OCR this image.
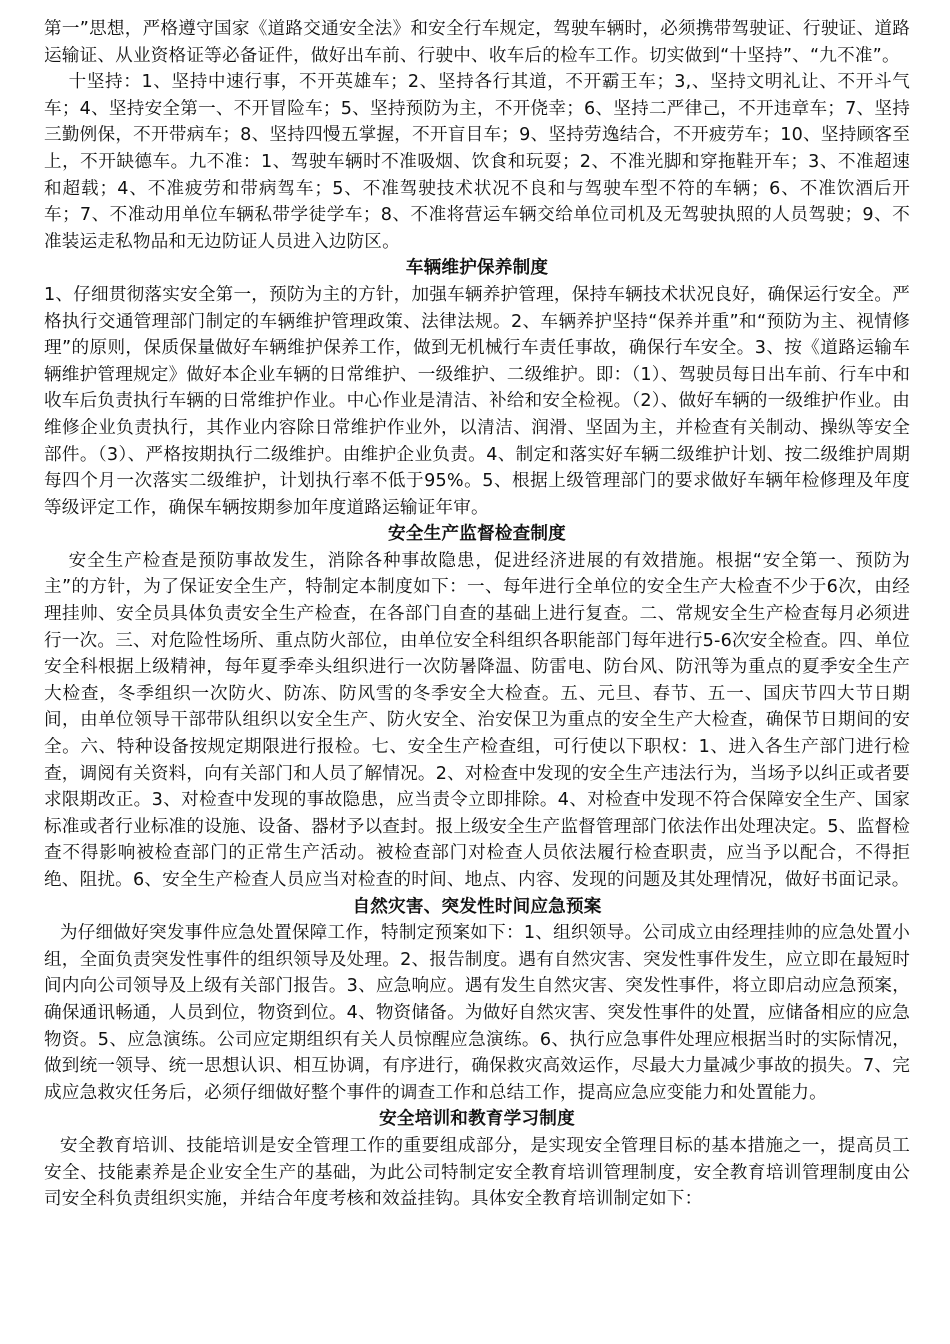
第一”思想，严格遵守国家《道路交通安全法》和安全行车规定，驾驶车辆时，必须携带驾驶证、行驶证、道路运输证、从业资格证等必备证件，做好出车前、行驶中、收车后的检车工作。切实做到“十坚持”、“九不准”。

十坚持：1、坚持中速行事，不开英雄车；2、坚持各行其道，不开霸王车；3,、坚持文明礼让、不开斗气车；4、坚持安全第一、不开冒险车；5、坚持预防为主，不开侥幸；6、坚持二严律己，不开违章车；7、坚持三勤例保，不开带病车；8、坚持四慢五掌握，不开盲目车；9、坚持劳逸结合，不开疲劳车；10、坚持顾客至上，不开缺德车。九不准：1、驾驶车辆时不准吸烟、饮食和玩耍；2、不准光脚和穿拖鞋开车；3、不准超速和超载；4、不准疲劳和带病驾车；5、不准驾驶技术状况不良和与驾驶车型不符的车辆；6、不准饮酒后开车；7、不准动用单位车辆私带学徒学车；8、不准将营运车辆交给单位司机及无驾驶执照的人员驾驶；9、不准装运走私物品和无边防证人员进入边防区。

车辆维护保养制度

1、仔细贯彻落实安全第一，预防为主的方针，加强车辆养护管理，保持车辆技术状况良好，确保运行安全。严格执行交通管理部门制定的车辆维护管理政策、法律法规。2、车辆养护坚持“保养并重”和“预防为主、视情修理”的原则，保质保量做好车辆维护保养工作，做到无机械行车责任事故，确保行车安全。3、按《道路运输车辆维护管理规定》做好本企业车辆的日常维护、一级维护、二级维护。即：（1）、驾驶员每日出车前、行车中和收车后负责执行车辆的日常维护作业。中心作业是清洁、补给和安全检视。（2）、做好车辆的一级维护作业。由维修企业负责执行，其作业内容除日常维护作业外，以清洁、润滑、坚固为主，并检查有关制动、操纵等安全部件。（3）、严格按期执行二级维护。由维护企业负责。4、制定和落实好车辆二级维护计划、按二级维护周期每四个月一次落实二级维护，计划执行率不低于95%。5、根据上级管理部门的要求做好车辆年检修理及年度等级评定工作，确保车辆按期参加年度道路运输证年审。

安全生产监督检查制度

安全生产检查是预防事故发生，消除各种事故隐患，促进经济进展的有效措施。根据“安全第一、预防为主”的方针，为了保证安全生产，特制定本制度如下：一、每年进行全单位的安全生产大检查不少于6次，由经理挂帅、安全员具体负责安全生产检查，在各部门自查的基础上进行复查。二、常规安全生产检查每月必须进行一次。三、对危险性场所、重点防火部位，由单位安全科组织各职能部门每年进行5-6次安全检查。四、单位安全科根据上级精神，每年夏季牵头组织进行一次防暑降温、防雷电、防台风、防汛等为重点的夏季安全生产大检查，冬季组织一次防火、防冻、防风雪的冬季安全大检查。五、元旦、春节、五一、国庆节四大节日期间，由单位领导干部带队组织以安全生产、防火安全、治安保卫为重点的安全生产大检查，确保节日期间的安全。六、特种设备按规定期限进行报检。七、安全生产检查组，可行使以下职权：1、进入各生产部门进行检查，调阅有关资料，向有关部门和人员了解情况。2、对检查中发现的安全生产违法行为，当场予以纠正或者要求限期改正。3、对检查中发现的事故隐患，应当责令立即排除。4、对检查中发现不符合保障安全生产、国家标准或者行业标准的设施、设备、器材予以查封。报上级安全生产监督管理部门依法作出处理决定。5、监督检查不得影响被检查部门的正常生产活动。被检查部门对检查人员依法履行检查职责，应当予以配合，不得拒绝、阻扰。6、安全生产检查人员应当对检查的时间、地点、内容、发现的问题及其处理情况，做好书面记录。

自然灾害、突发性时间应急预案

为仔细做好突发事件应急处置保障工作，特制定预案如下：1、组织领导。公司成立由经理挂帅的应急处置小组，全面负责突发性事件的组织领导及处理。2、报告制度。遇有自然灾害、突发性事件发生，应立即在最短时间内向公司领导及上级有关部门报告。3、应急响应。遇有发生自然灾害、突发性事件，将立即启动应急预案，确保通讯畅通，人员到位，物资到位。4、物资储备。为做好自然灾害、突发性事件的处置，应储备相应的应急物资。5、应急演练。公司应定期组织有关人员惊醒应急演练。6、执行应急事件处理应根据当时的实际情况，做到统一领导、统一思想认识、相互协调，有序进行，确保救灾高效运作，尽最大力量减少事故的损失。7、完成应急救灾任务后，必须仔细做好整个事件的调查工作和总结工作，提高应急应变能力和处置能力。

安全培训和教育学习制度

安全教育培训、技能培训是安全管理工作的重要组成部分，是实现安全管理目标的基本措施之一，提高员工安全、技能素养是企业安全生产的基础，为此公司特制定安全教育培训管理制度，安全教育培训管理制度由公司安全科负责组织实施，并结合年度考核和效益挂钩。具体安全教育培训制定如下：
